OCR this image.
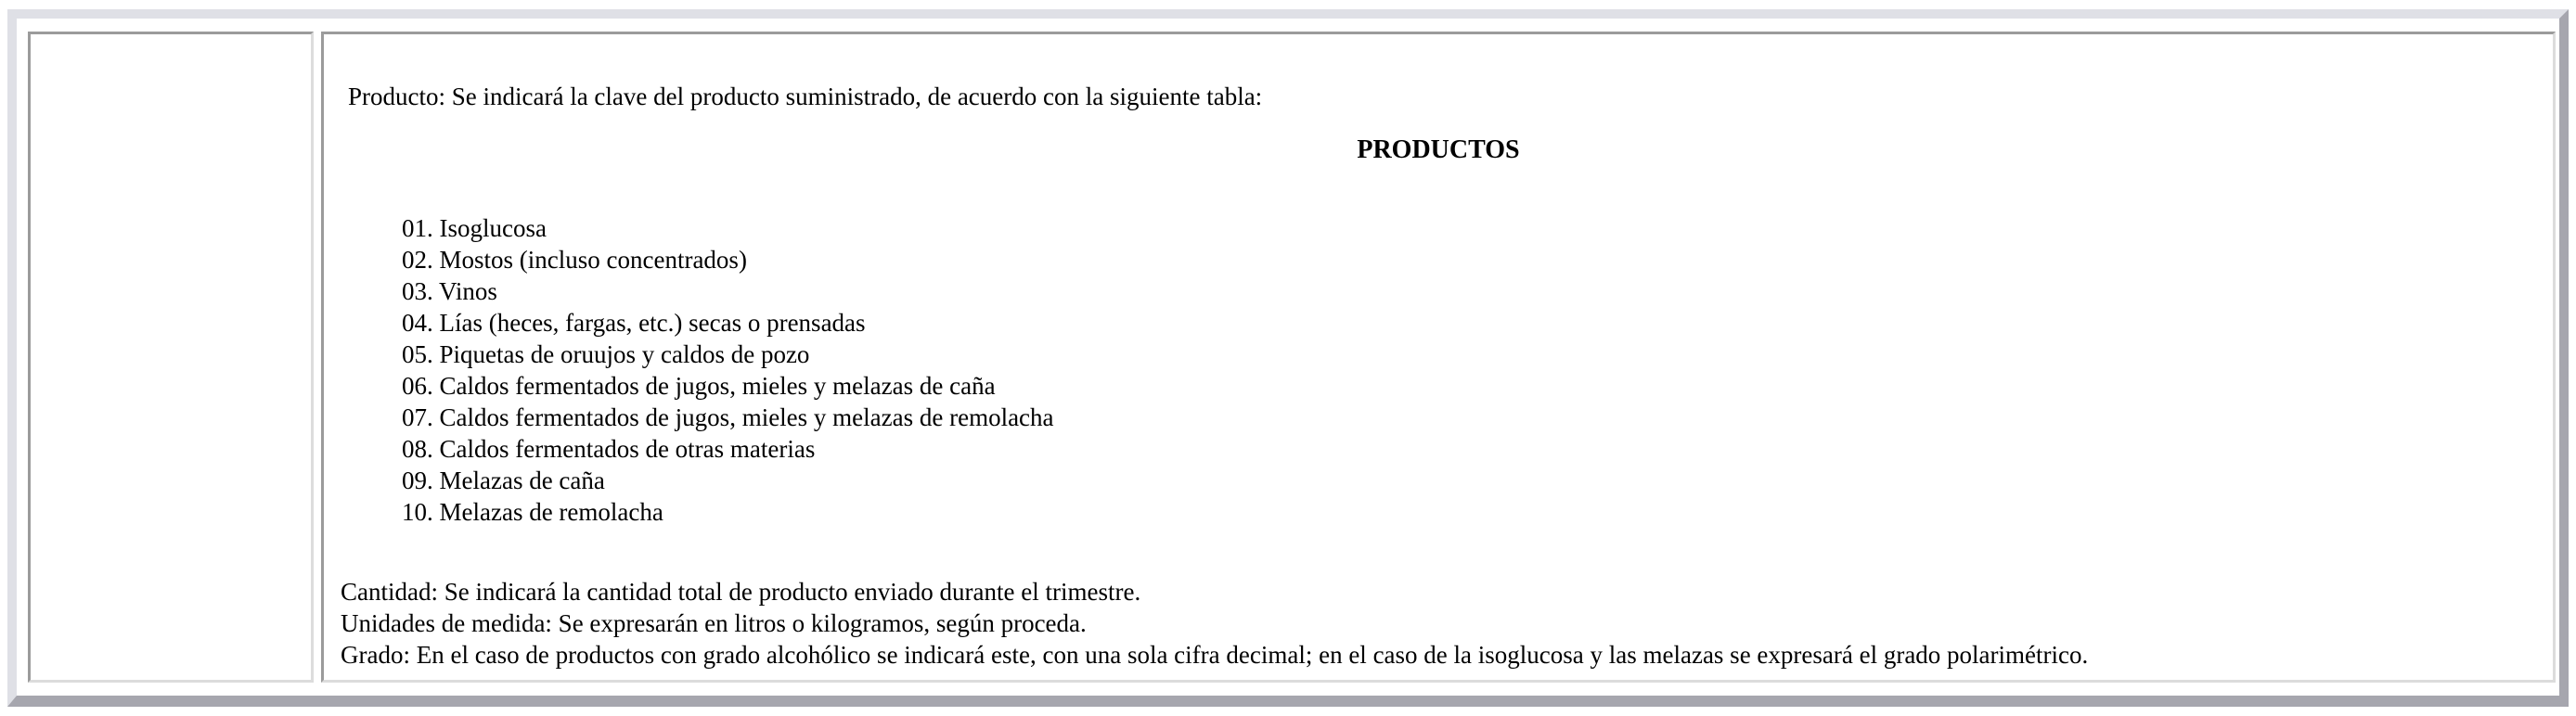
Producto: Se indicará la clave del producto suministrado, de acuerdo con la siguiente tabla:
PRODUCTOS
01. Isoglucosa
02. Mostos (incluso concentrados)
03. Vinos
04. Lías (heces, fargas, etc.) secas o prensadas
05. Piquetas de oruujos y caldos de pozo
06. Caldos fermentados de jugos, mieles y melazas de caña
07. Caldos fermentados de jugos, mieles y melazas de remolacha
08. Caldos fermentados de otras materias
09. Melazas de caña
10. Melazas de remolacha
Cantidad: Se indicará la cantidad total de producto enviado durante el trimestre.
Unidades de medida: Se expresarán en litros o kilogramos, según proceda.
Grado: En el caso de productos con grado alcohólico se indicará este, con una sola cifra decimal; en el caso de la isoglucosa y las melazas se expresará el grado polarimétrico.
